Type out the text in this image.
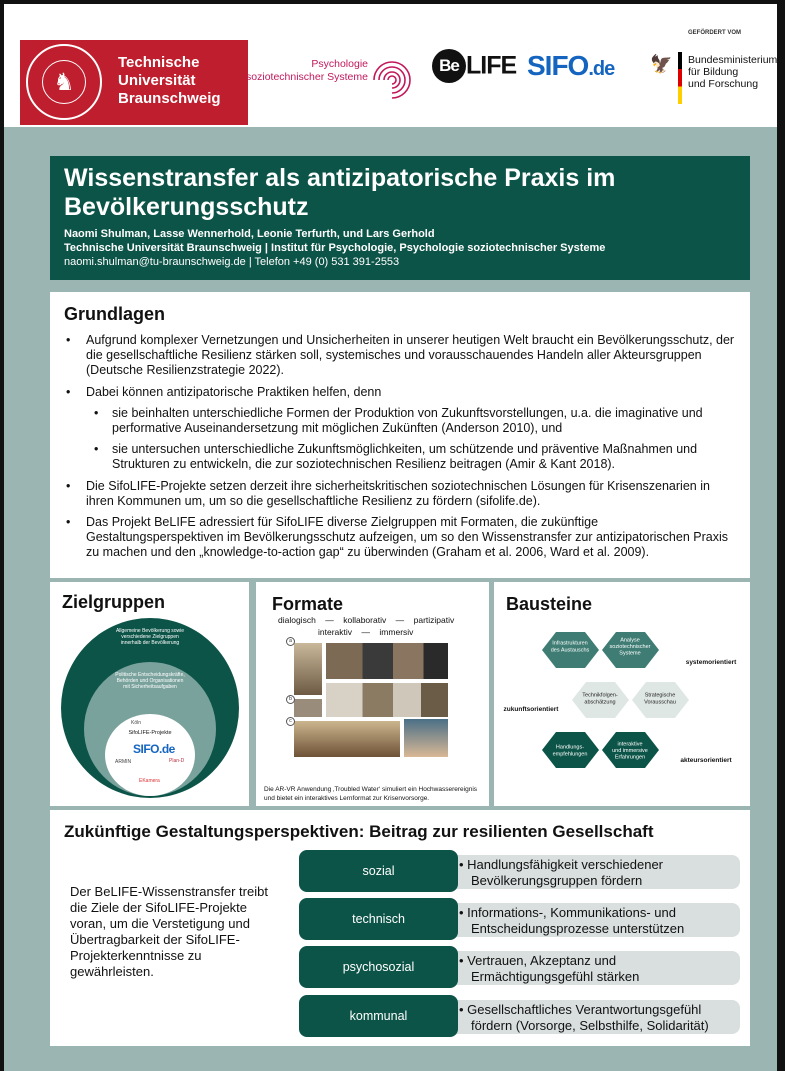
♞
Technische
Universität
Braunschweig
Psychologie
soziotechnischer Systeme
Be LIFE SIFO.de
GEFÖRDERT VOM
🦅 Bundesministerium
für Bildung
und Forschung
Wissenstransfer als antizipatorische Praxis im Bevölkerungsschutz
Naomi Shulman, Lasse Wennerhold, Leonie Terfurth, und Lars Gerhold
Technische Universität Braunschweig | Institut für Psychologie, Psychologie soziotechnischer Systeme
naomi.shulman@tu-braunschweig.de | Telefon +49 (0) 531 391-2553
Grundlagen
• Aufgrund komplexer Vernetzungen und Unsicherheiten in unserer heutigen Welt braucht ein Bevölkerungsschutz, der die gesellschaftliche Resilienz stärken soll, systemisches und vorausschauendes Handeln aller Akteursgruppen (Deutsche Resilienzstrategie 2022).
• Dabei können antizipatorische Praktiken helfen, denn
• sie beinhalten unterschiedliche Formen der Produktion von Zukunftsvorstellungen, u.a. die imaginative und performative Auseinandersetzung mit möglichen Zukünften (Anderson 2010), und
• sie untersuchen unterschiedliche Zukunftsmöglichkeiten, um schützende und präventive Maßnahmen und Strukturen zu entwickeln, die zur soziotechnischen Resilienz beitragen (Amir & Kant 2018).
• Die SifoLIFE-Projekte setzen derzeit ihre sicherheitskritischen soziotechnischen Lösungen für Krisenszenarien in ihren Kommunen um, um so die gesellschaftliche Resilienz zu fördern (sifolife.de).
• Das Projekt BeLIFE adressiert für SifoLIFE diverse Zielgruppen mit Formaten, die zukünftige Gestaltungsperspektiven im Bevölkerungsschutz aufzeigen, um so den Wissenstransfer zur antizipatorischen Praxis zu machen und den „knowledge-to-action gap“ zu überwinden (Graham et al. 2006, Ward et al. 2009).
Zielgruppen
Allgemeine Bevölkerung sowie verschiedene Zielgruppen innerhalb der Bevölkerung
Politische Entscheidungskräfte, Behörden und Organisationen mit Sicherheitsaufgaben
SifoLIFE-Projekte
SIFO.de
ARMIN	Plan-D
EKamera
Köln
Formate
dialogisch    —    kollaborativ    —    partizipativ
interaktiv    —    immersiv
a
b
c
Die AR-VR Anwendung ‚Troubled Water‘ simuliert ein Hochwasserereignis und bietet ein interaktives Lernformat zur Krisenvorsorge.
Bausteine
Infrastrukturen des Austauschs
Analyse soziotechnischer Systeme
Technikfolgen-abschätzung
Strategische Vorausschau
Handlungs-empfehlungen
interaktive und immersive Erfahrungen
systemorientiert
zukunftsorientiert
akteursorientiert
Zukünftige Gestaltungsperspektiven: Beitrag zur resilienten Gesellschaft
Der BeLIFE-Wissenstransfer treibt die Ziele der SifoLIFE-Projekte voran, um die Verstetigung und Übertragbarkeit der SifoLIFE-Projekterkenntnisse zu gewährleisten.
sozial	• Handlungsfähigkeit verschiedener
Bevölkerungsgruppen fördern
technisch	• Informations-, Kommunikations- und
Entscheidungsprozesse unterstützen
psychosozial	• Vertrauen, Akzeptanz und
Ermächtigungsgefühl stärken
kommunal	• Gesellschaftliches Verantwortungsgefühl
fördern (Vorsorge, Selbsthilfe, Solidarität)
